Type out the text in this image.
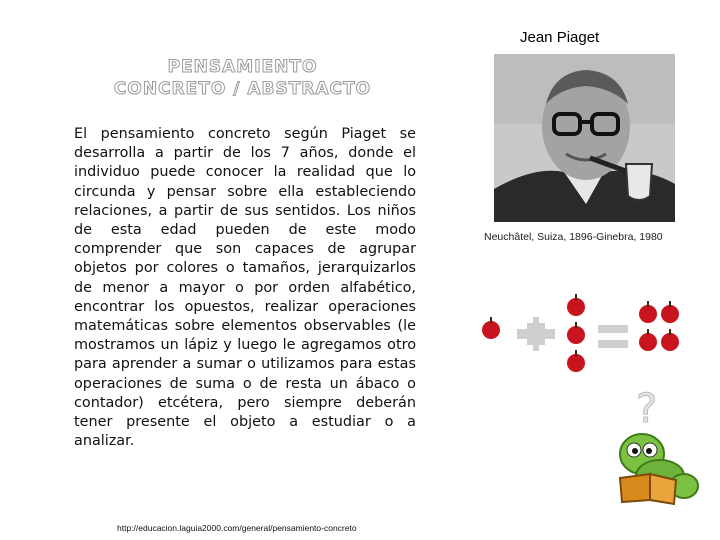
PENSAMIENTO
CONCRETO / ABSTRACTO
El pensamiento concreto según Piaget se desarrolla a partir de los 7 años, donde el individuo puede conocer la realidad que lo circunda y pensar sobre ella estableciendo relaciones, a partir de sus sentidos. Los niños de esta edad pueden de este modo comprender que son capaces de agrupar objetos por colores o tamaños, jerarquizarlos de menor a mayor o por orden alfabético, encontrar los opuestos, realizar operaciones matemáticas sobre elementos observables (le mostramos un lápiz y luego le agregamos otro para aprender a sumar o utilizamos para estas operaciones de suma o de resta un ábaco o contador) etcétera, pero siempre deberán tener presente el objeto a estudiar o a analizar.
http://educacion.laguia2000.com/general/pensamiento-concreto
Jean Piaget
Neuchâtel, Suiza, 1896-Ginebra, 1980
?
